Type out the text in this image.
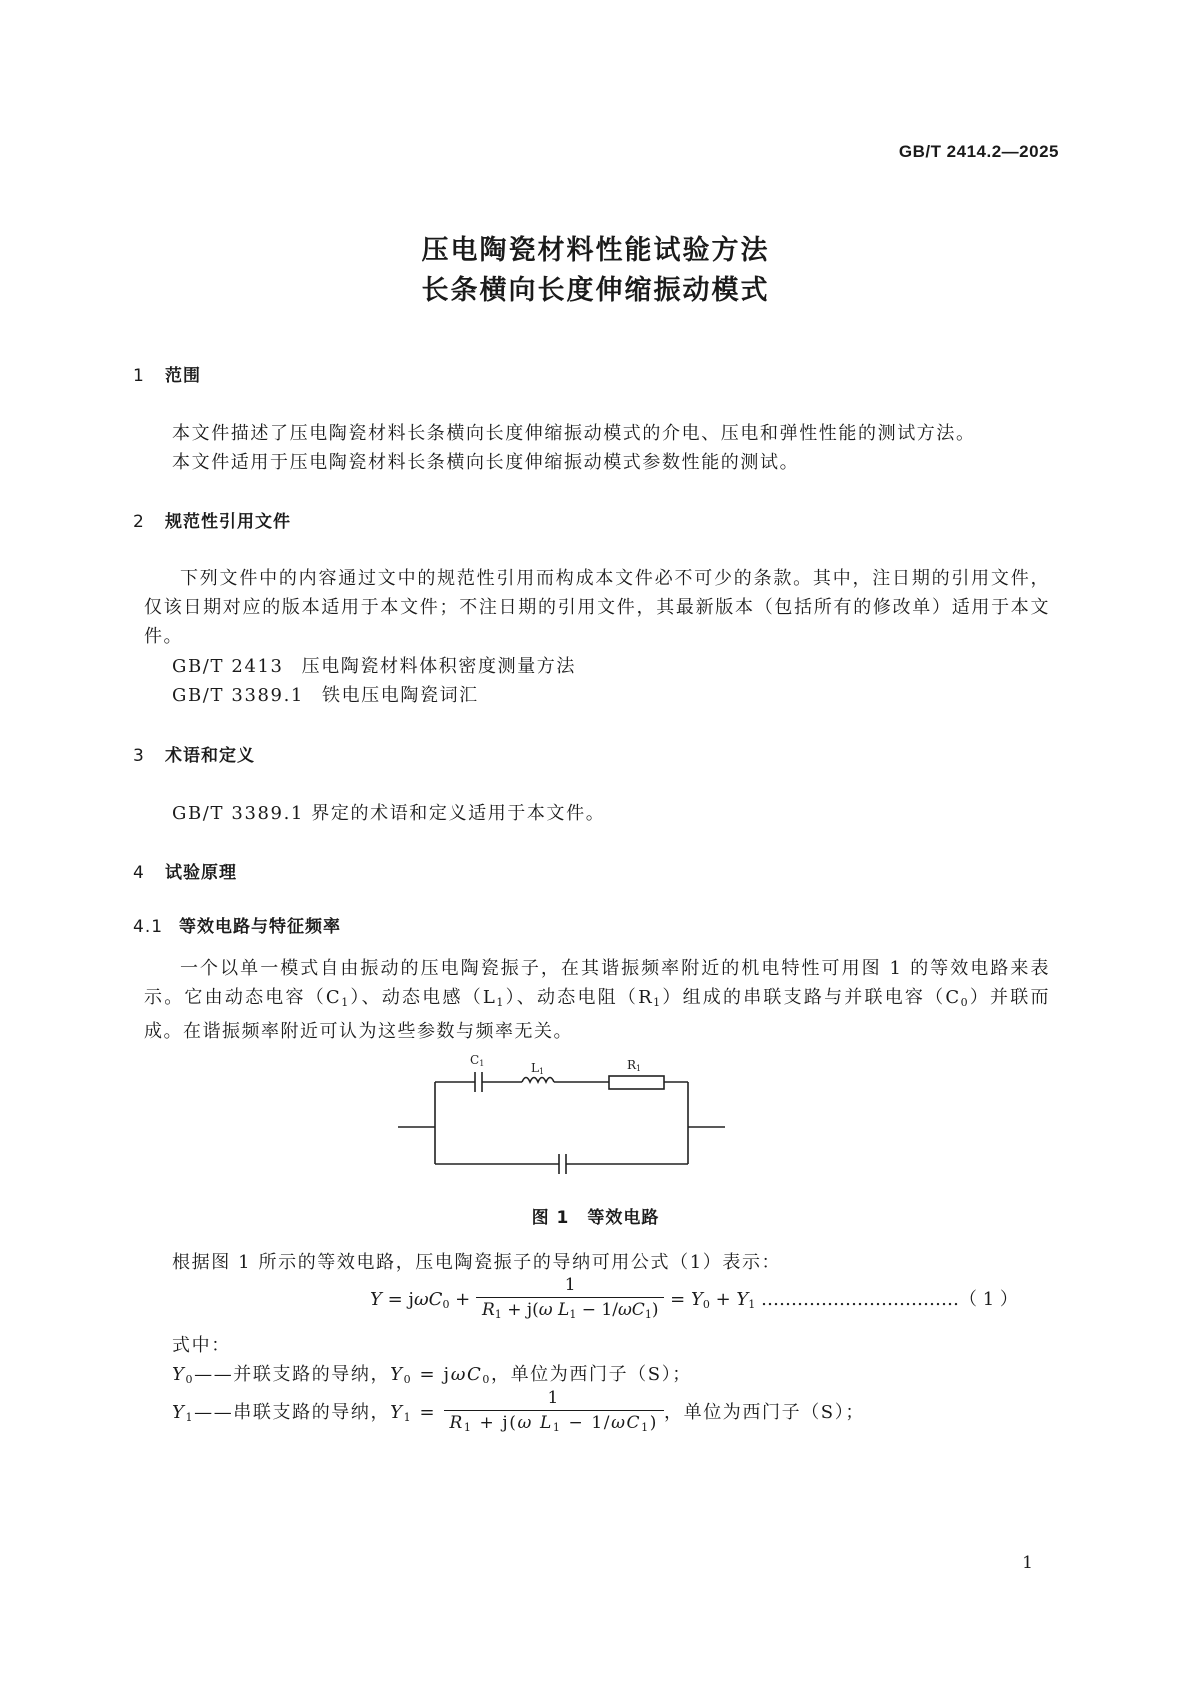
GB/T 2414.2—2025
压电陶瓷材料性能试验方法
长条横向长度伸缩振动模式
1 范围
本文件描述了压电陶瓷材料长条横向长度伸缩振动模式的介电、压电和弹性性能的测试方法。
本文件适用于压电陶瓷材料长条横向长度伸缩振动模式参数性能的测试。
2 规范性引用文件
下列文件中的内容通过文中的规范性引用而构成本文件必不可少的条款。其中，注日期的引用文件，仅该日期对应的版本适用于本文件；不注日期的引用文件，其最新版本（包括所有的修改单）适用于本文件。
GB/T 2413 压电陶瓷材料体积密度测量方法
GB/T 3389.1 铁电压电陶瓷词汇
3 术语和定义
GB/T 3389.1 界定的术语和定义适用于本文件。
4 试验原理
4.1 等效电路与特征频率
一个以单一模式自由振动的压电陶瓷振子，在其谐振频率附近的机电特性可用图 1 的等效电路来表示。它由动态电容$(C_1)$、动态电感$(L_1)$、动态电阻$(R_1)$组成的串联支路与并联电容$(C_0)$并联而成。在谐振频率附近可认为这些参数与频率无关。
C1	L1	R1
图 1　等效电路
根据图 1 所示的等效电路，压电陶瓷振子的导纳可用公式（1）表示：
$Y = j\omega C_0 + \frac{1}{R_1 + j(\omega L_1 - 1/\omega C_1)} = Y_0 + Y_1$ ……………………………（ 1 ）
式中：
$Y_0——$并联支路的导纳，$Y_0 = j\omega C_0$，单位为西门子（S）；
$Y_1——$串联支路的导纳，$Y_1 = \frac{1}{R_1 + j(\omega L_1 - 1/\omega C_1)}$ ，单位为西门子（S）；
1
